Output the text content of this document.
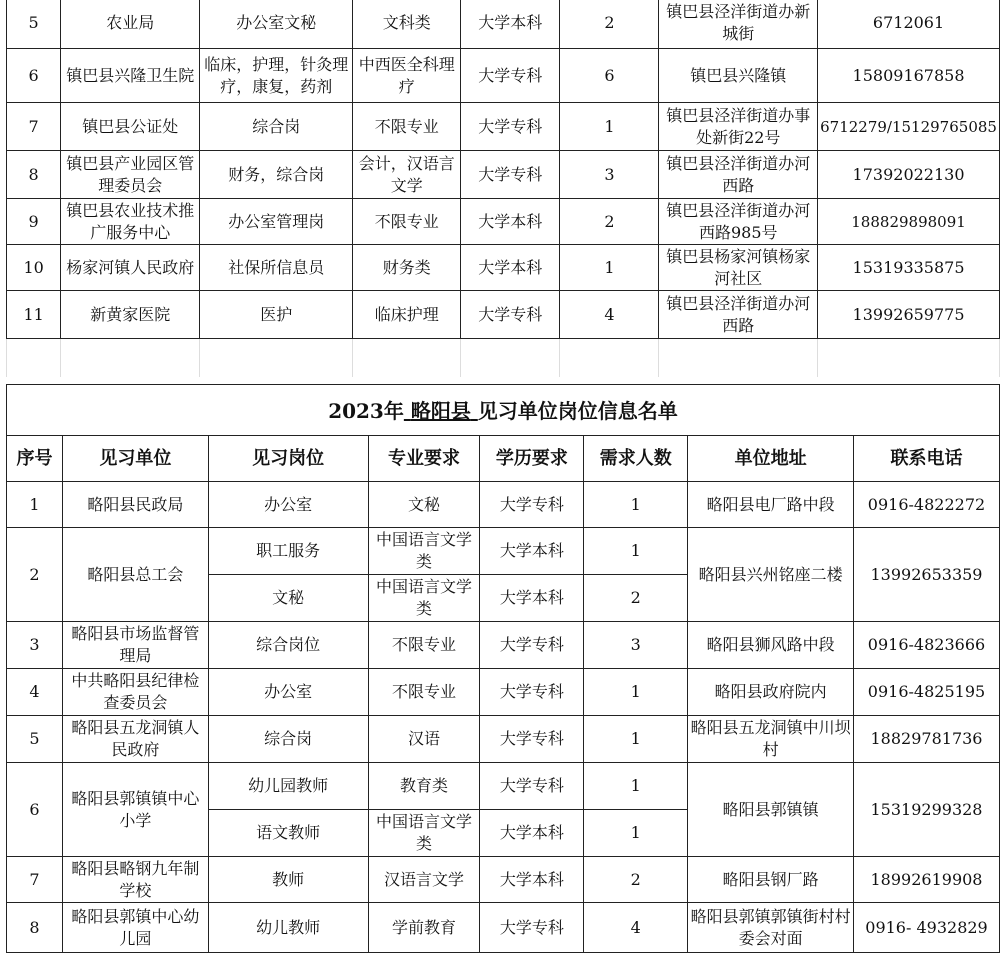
5	农业局	办公室文秘	文科类	大学本科	2	镇巴县泾洋街道办新城街	6712061
6	镇巴县兴隆卫生院	临床，护理，针灸理疗，康复，药剂	中西医全科理疗	大学专科	6	镇巴县兴隆镇	15809167858
7	镇巴县公证处	综合岗	不限专业	大学专科	1	镇巴县泾洋街道办事处新街22号	6712279/15129765085
8	镇巴县产业园区管理委员会	财务，综合岗	会计，汉语言文学	大学专科	3	镇巴县泾洋街道办河西路	17392022130
9	镇巴县农业技术推广服务中心	办公室管理岗	不限专业	大学本科	2	镇巴县泾洋街道办河西路985号	18882989809​1
10	杨家河镇人民政府	社保所信息员	财务类	大学本科	1	镇巴县杨家河镇杨家河社区	15319335875
11	新黄家医院	医护	临床护理	大学专科	4	镇巴县泾洋街道办河西路	13992659775

2023年 略阳县 见习单位岗位信息名单
序号	见习单位	见习岗位	专业要求	学历要求	需求人数	单位地址	联系电话
1	略阳县民政局	办公室	文秘	大学专科	1	略阳县电厂路中段	0916-4822272
2	略阳县总工会	职工服务	中国语言文学类	大学本科	1	略阳县兴州铭座二楼	13992653359
		文秘	中国语言文学类	大学本科	2		
3	略阳县市场监督管理局	综合岗位	不限专业	大学专科	3	略阳县狮风路中段	0916-4823666
4	中共略阳县纪律检查委员会	办公室	不限专业	大学专科	1	略阳县政府院内	0916-4825195
5	略阳县五龙洞镇人民政府	综合岗	汉语	大学专科	1	略阳县五龙洞镇中川坝村	18829781736
6	略阳县郭镇镇中心小学	幼儿园教师	教育类	大学专科	1	略阳县郭镇镇	15319299328
		语文教师	中国语言文学类	大学本科	1		
7	略阳县略钢九年制学校	教师	汉语言文学	大学本科	2	略阳县钢厂路	18992619908
8	略阳县郭镇中心幼儿园	幼儿教师	学前教育	大学专科	4	略阳县郭镇郭镇街村村委会对面	0916- 4932829
